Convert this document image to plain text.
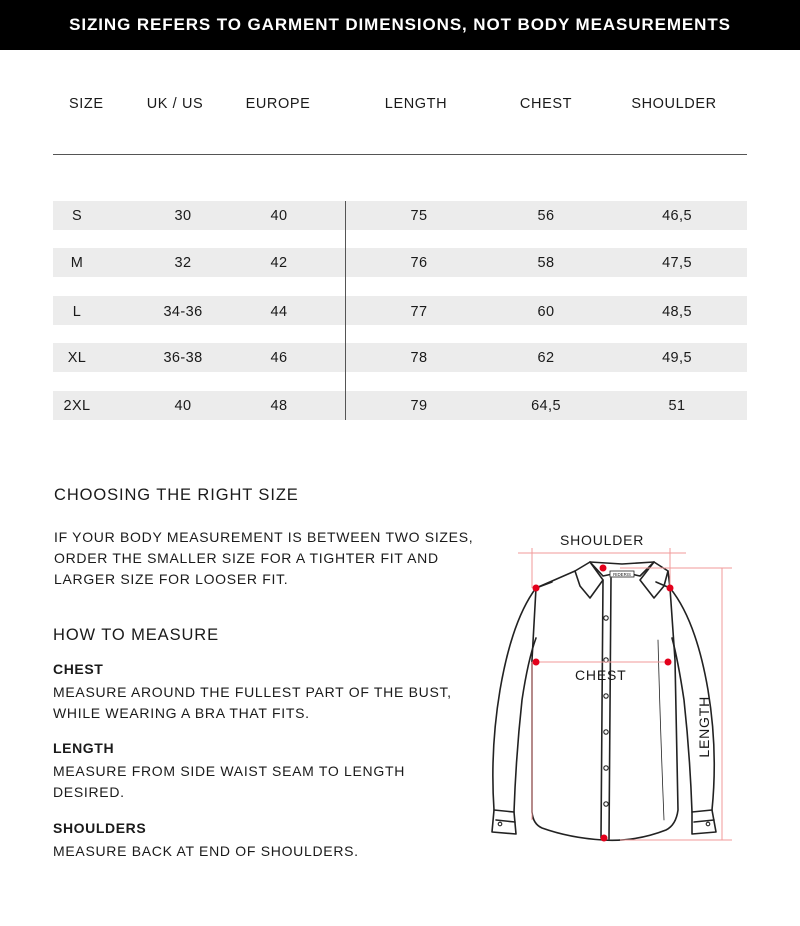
SIZING REFERS TO GARMENT DIMENSIONS, NOT BODY MEASUREMENTS
SIZE	UK / US	EUROPE	LENGTH	CHEST	SHOULDER
S	30	40	75	56	46,5
M	32	42	76	58	47,5
L	34-36	44	77	60	48,5
XL	36-38	46	78	62	49,5
2XL	40	48	79	64,5	51
CHOOSING THE RIGHT SIZE
IF YOUR BODY MEASUREMENT IS BETWEEN TWO SIZES,
ORDER THE SMALLER SIZE FOR A TIGHTER FIT AND
LARGER SIZE FOR LOOSER FIT.
HOW TO MEASURE
CHEST
MEASURE AROUND THE FULLEST PART OF THE BUST,
WHILE WEARING A BRA THAT FITS.
LENGTH
MEASURE FROM SIDE WAIST SEAM TO LENGTH
DESIRED.
SHOULDERS
MEASURE BACK AT END OF SHOULDERS.
RIDERIS
SHOULDER
CHEST
LENGTH
